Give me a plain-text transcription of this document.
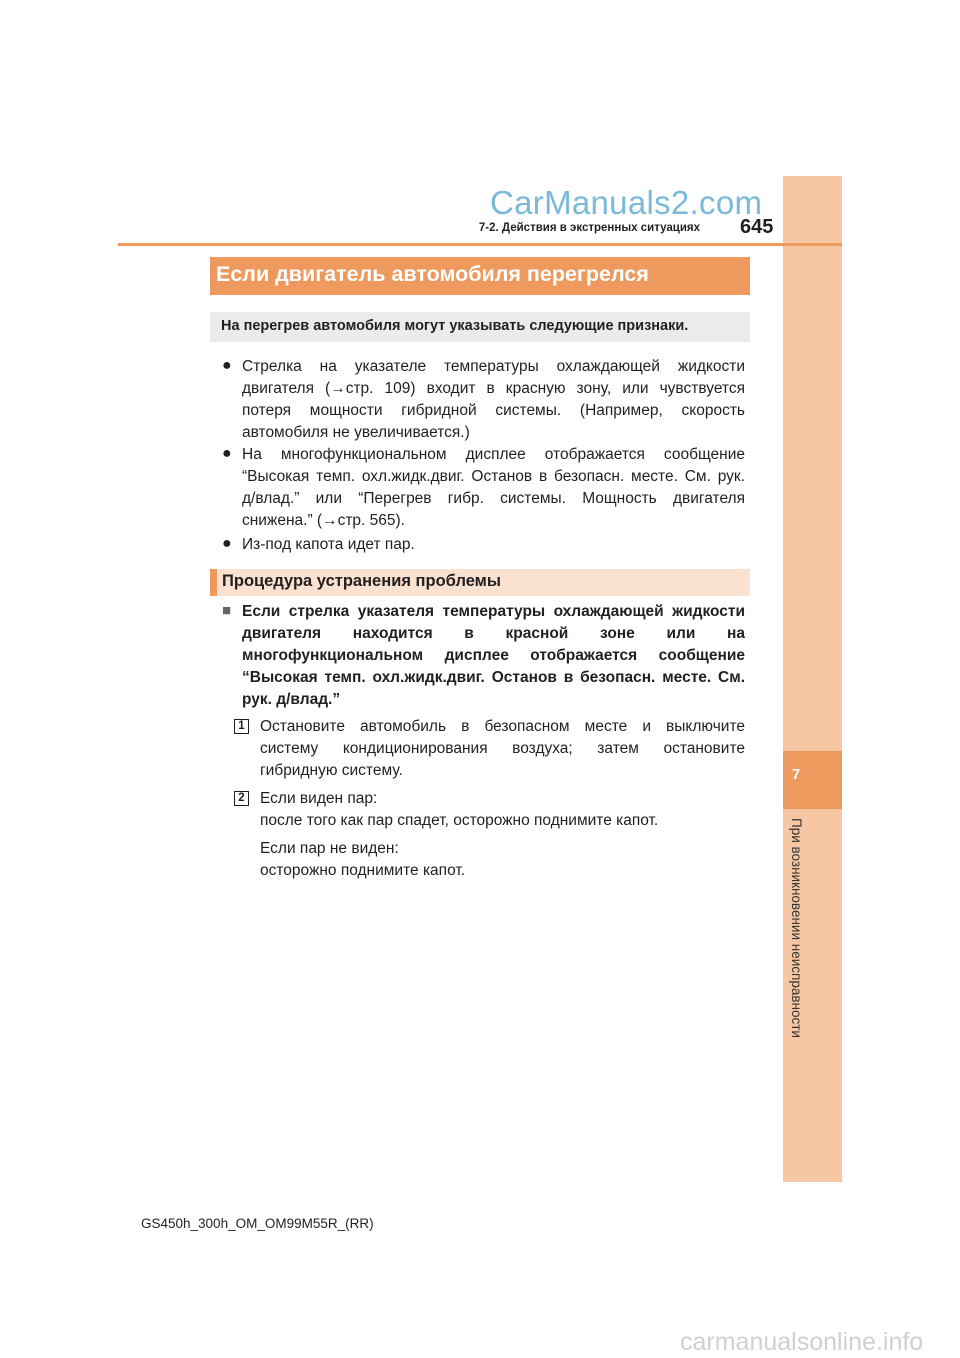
7
При возникновении неисправности
CarManuals2.com
7-2. Действия в экстренных ситуациях 645
Если двигатель автомобиля перегрелся
На перегрев автомобиля могут указывать следующие признаки.
● Стрелка на указателе температуры охлаждающей жидкости
двигателя (→стр. 109) входит в красную зону, или чувствуется
потеря мощности гибридной системы. (Например, скорость
автомобиля не увеличивается.)
● На многофункциональном дисплее отображается сообщение
“Высокая темп. охл.жидк.двиг. Останов в безопасн. месте. См. рук.
д/влад.” или “Перегрев гибр. системы. Мощность двигателя
снижена.” (→стр. 565).
● Из-под капота идет пар.
Процедура устранения проблемы
■ Если стрелка указателя температуры охлаждающей жидкости
двигателя находится в красной зоне или на
многофункциональном дисплее отображается сообщение
“Высокая темп. охл.жидк.двиг. Останов в безопасн. месте. См.
рук. д/влад.”
1 Остановите автомобиль в безопасном месте и выключите
систему кондиционирования воздуха; затем остановите
гибридную систему.
2 Если виден пар:
после того как пар спадет, осторожно поднимите капот.
Если пар не виден:
осторожно поднимите капот.
GS450h_300h_OM_OM99M55R_(RR)
carmanualsonline.info
